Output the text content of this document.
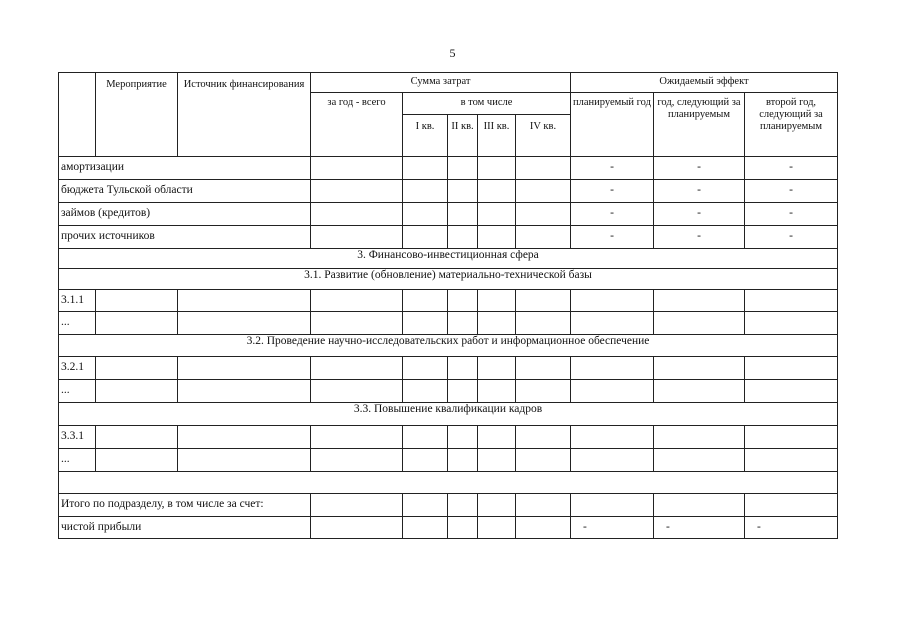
5
	Мероприятие	Источник финансирования	Сумма затрат					Ожидаемый эффект		
			за год - всего	в том числе				планируемый год	год, следующий за планируемым	второй год, следующий за планируемым
				I кв.	II кв.	III кв.	IV кв.			
амортизации								-	-	-
бюджета Тульской области								-	-	-
займов (кредитов)								-	-	-
прочих источников								-	-	-
3. Финансово-инвестиционная сфера										
3.1. Развитие (обновление) материально-технической базы										
3.1.1										
...										
3.2. Проведение научно-исследовательских работ и информационное обеспечение										
3.2.1										
...										
3.3. Повышение квалификации кадров										
3.3.1										
...										

Итого по подразделу, в том числе за счет:										
чистой прибыли								-	-	-
